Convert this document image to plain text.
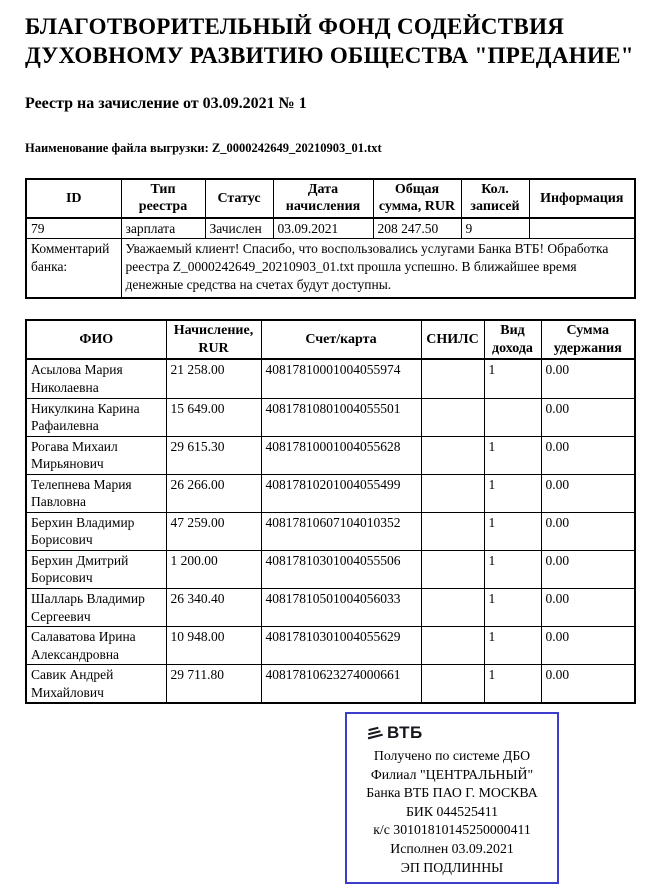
БЛАГОТВОРИТЕЛЬНЫЙ ФОНД СОДЕЙСТВИЯ
ДУХОВНОМУ РАЗВИТИЮ ОБЩЕСТВА "ПРЕДАНИЕ"
Реестр на зачисление от 03.09.2021 № 1
Наименование файла выгрузки: Z_0000242649_20210903_01.txt
ID	Тип реестра	Статус	Дата начисления	Общая сумма, RUR	Кол. записей	Информация
79	зарплата	Зачислен	03.09.2021	208 247.50	9	
Комментарий банка:	Уважаемый клиент! Спасибо, что воспользовались услугами Банка ВТБ! Обработка реестра Z_0000242649_20210903_01.txt прошла успешно. В ближайшее время денежные средства на счетах будут доступны.					
ФИО	Начисление, RUR	Счет/карта	СНИЛС	Вид дохода	Сумма удержания
Асылова Мария Николаевна	21 258.00	40817810001004055974		1	0.00
Никулкина Карина Рафаилевна	15 649.00	40817810801004055501			0.00
Рогава Михаил Мирьянович	29 615.30	40817810001004055628		1	0.00
Телепнева Мария Павловна	26 266.00	40817810201004055499		1	0.00
Берхин Владимир Борисович	47 259.00	40817810607104010352		1	0.00
Берхин Дмитрий Борисович	1 200.00	40817810301004055506		1	0.00
Шалларь Владимир Сергеевич	26 340.40	40817810501004056033		1	0.00
Салаватова Ирина Александровна	10 948.00	40817810301004055629		1	0.00
Савик Андрей Михайлович	29 711.80	40817810623274000661		1	0.00
ВТБ
Получено по системе ДБО
Филиал "ЦЕНТРАЛЬНЫЙ"
Банка ВТБ ПАО Г. МОСКВА
БИК 044525411
к/с 30101810145250000411
Исполнен 03.09.2021
ЭП ПОДЛИННЫ
